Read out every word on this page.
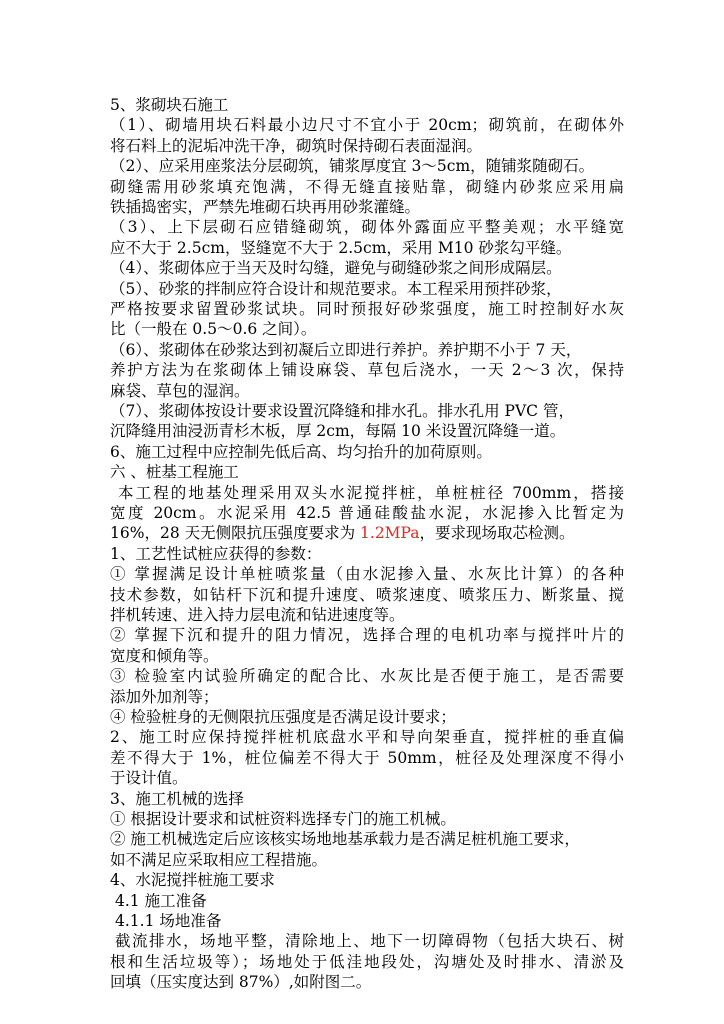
5、浆砌块石施工
（1）、砌墙用块石料最小边尺寸不宜小于 20cm；砌筑前，在砌体外
将石料上的泥垢冲洗干净，砌筑时保持砌石表面湿润。
（2）、应采用座浆法分层砌筑，铺浆厚度宜 3～5cm，随铺浆随砌石。
砌缝需用砂浆填充饱满，不得无缝直接贴靠，砌缝内砂浆应采用扁
铁插捣密实，严禁先堆砌石块再用砂浆灌缝。
（3）、上下层砌石应错缝砌筑，砌体外露面应平整美观；水平缝宽
应不大于 2.5cm，竖缝宽不大于 2.5cm，采用 M10 砂浆勾平缝。
（4）、浆砌体应于当天及时勾缝，避免与砌缝砂浆之间形成隔层。
（5）、砂浆的拌制应符合设计和规范要求。本工程采用预拌砂浆，
严格按要求留置砂浆试块。同时预报好砂浆强度，施工时控制好水灰
比（一般在 0.5～0.6 之间）。
（6）、浆砌体在砂浆达到初凝后立即进行养护。养护期不小于 7 天，
养护方法为在浆砌体上铺设麻袋、草包后浇水，一天 2～3 次，保持
麻袋、草包的湿润。
（7）、浆砌体按设计要求设置沉降缝和排水孔。排水孔用 PVC 管，
沉降缝用油浸沥青杉木板，厚 2cm，每隔 10 米设置沉降缝一道。
6、施工过程中应控制先低后高、均匀抬升的加荷原则。
六 、桩基工程施工
本工程的地基处理采用双头水泥搅拌桩，单桩桩径 700mm，搭接
宽度 20cm。水泥采用 42.5 普通硅酸盐水泥，水泥掺入比暂定为
16%，28 天无侧限抗压强度要求为 1.2MPa，要求现场取芯检测。
1、工艺性试桩应获得的参数：
① 掌握满足设计单桩喷浆量（由水泥掺入量、水灰比计算）的各种
技术参数，如钻杆下沉和提升速度、喷浆速度、喷浆压力、断浆量、搅
拌机转速、进入持力层电流和钻进速度等。
② 掌握下沉和提升的阻力情况，选择合理的电机功率与搅拌叶片的
宽度和倾角等。
③ 检验室内试验所确定的配合比、水灰比是否便于施工，是否需要
添加外加剂等；
④ 检验桩身的无侧限抗压强度是否满足设计要求；
2、施工时应保持搅拌桩机底盘水平和导向架垂直，搅拌桩的垂直偏
差不得大于 1%，桩位偏差不得大于 50mm，桩径及处理深度不得小
于设计值。
3、施工机械的选择
① 根据设计要求和试桩资料选择专门的施工机械。
② 施工机械选定后应该核实场地地基承载力是否满足桩机施工要求，
如不满足应采取相应工程措施。
4、水泥搅拌桩施工要求
4.1 施工准备
4.1.1 场地准备
截流排水，场地平整，清除地上、地下一切障碍物（包括大块石、树
根和生活垃圾等）；场地处于低洼地段处，沟塘处及时排水、清淤及
回填（压实度达到 87%）,如附图二。
